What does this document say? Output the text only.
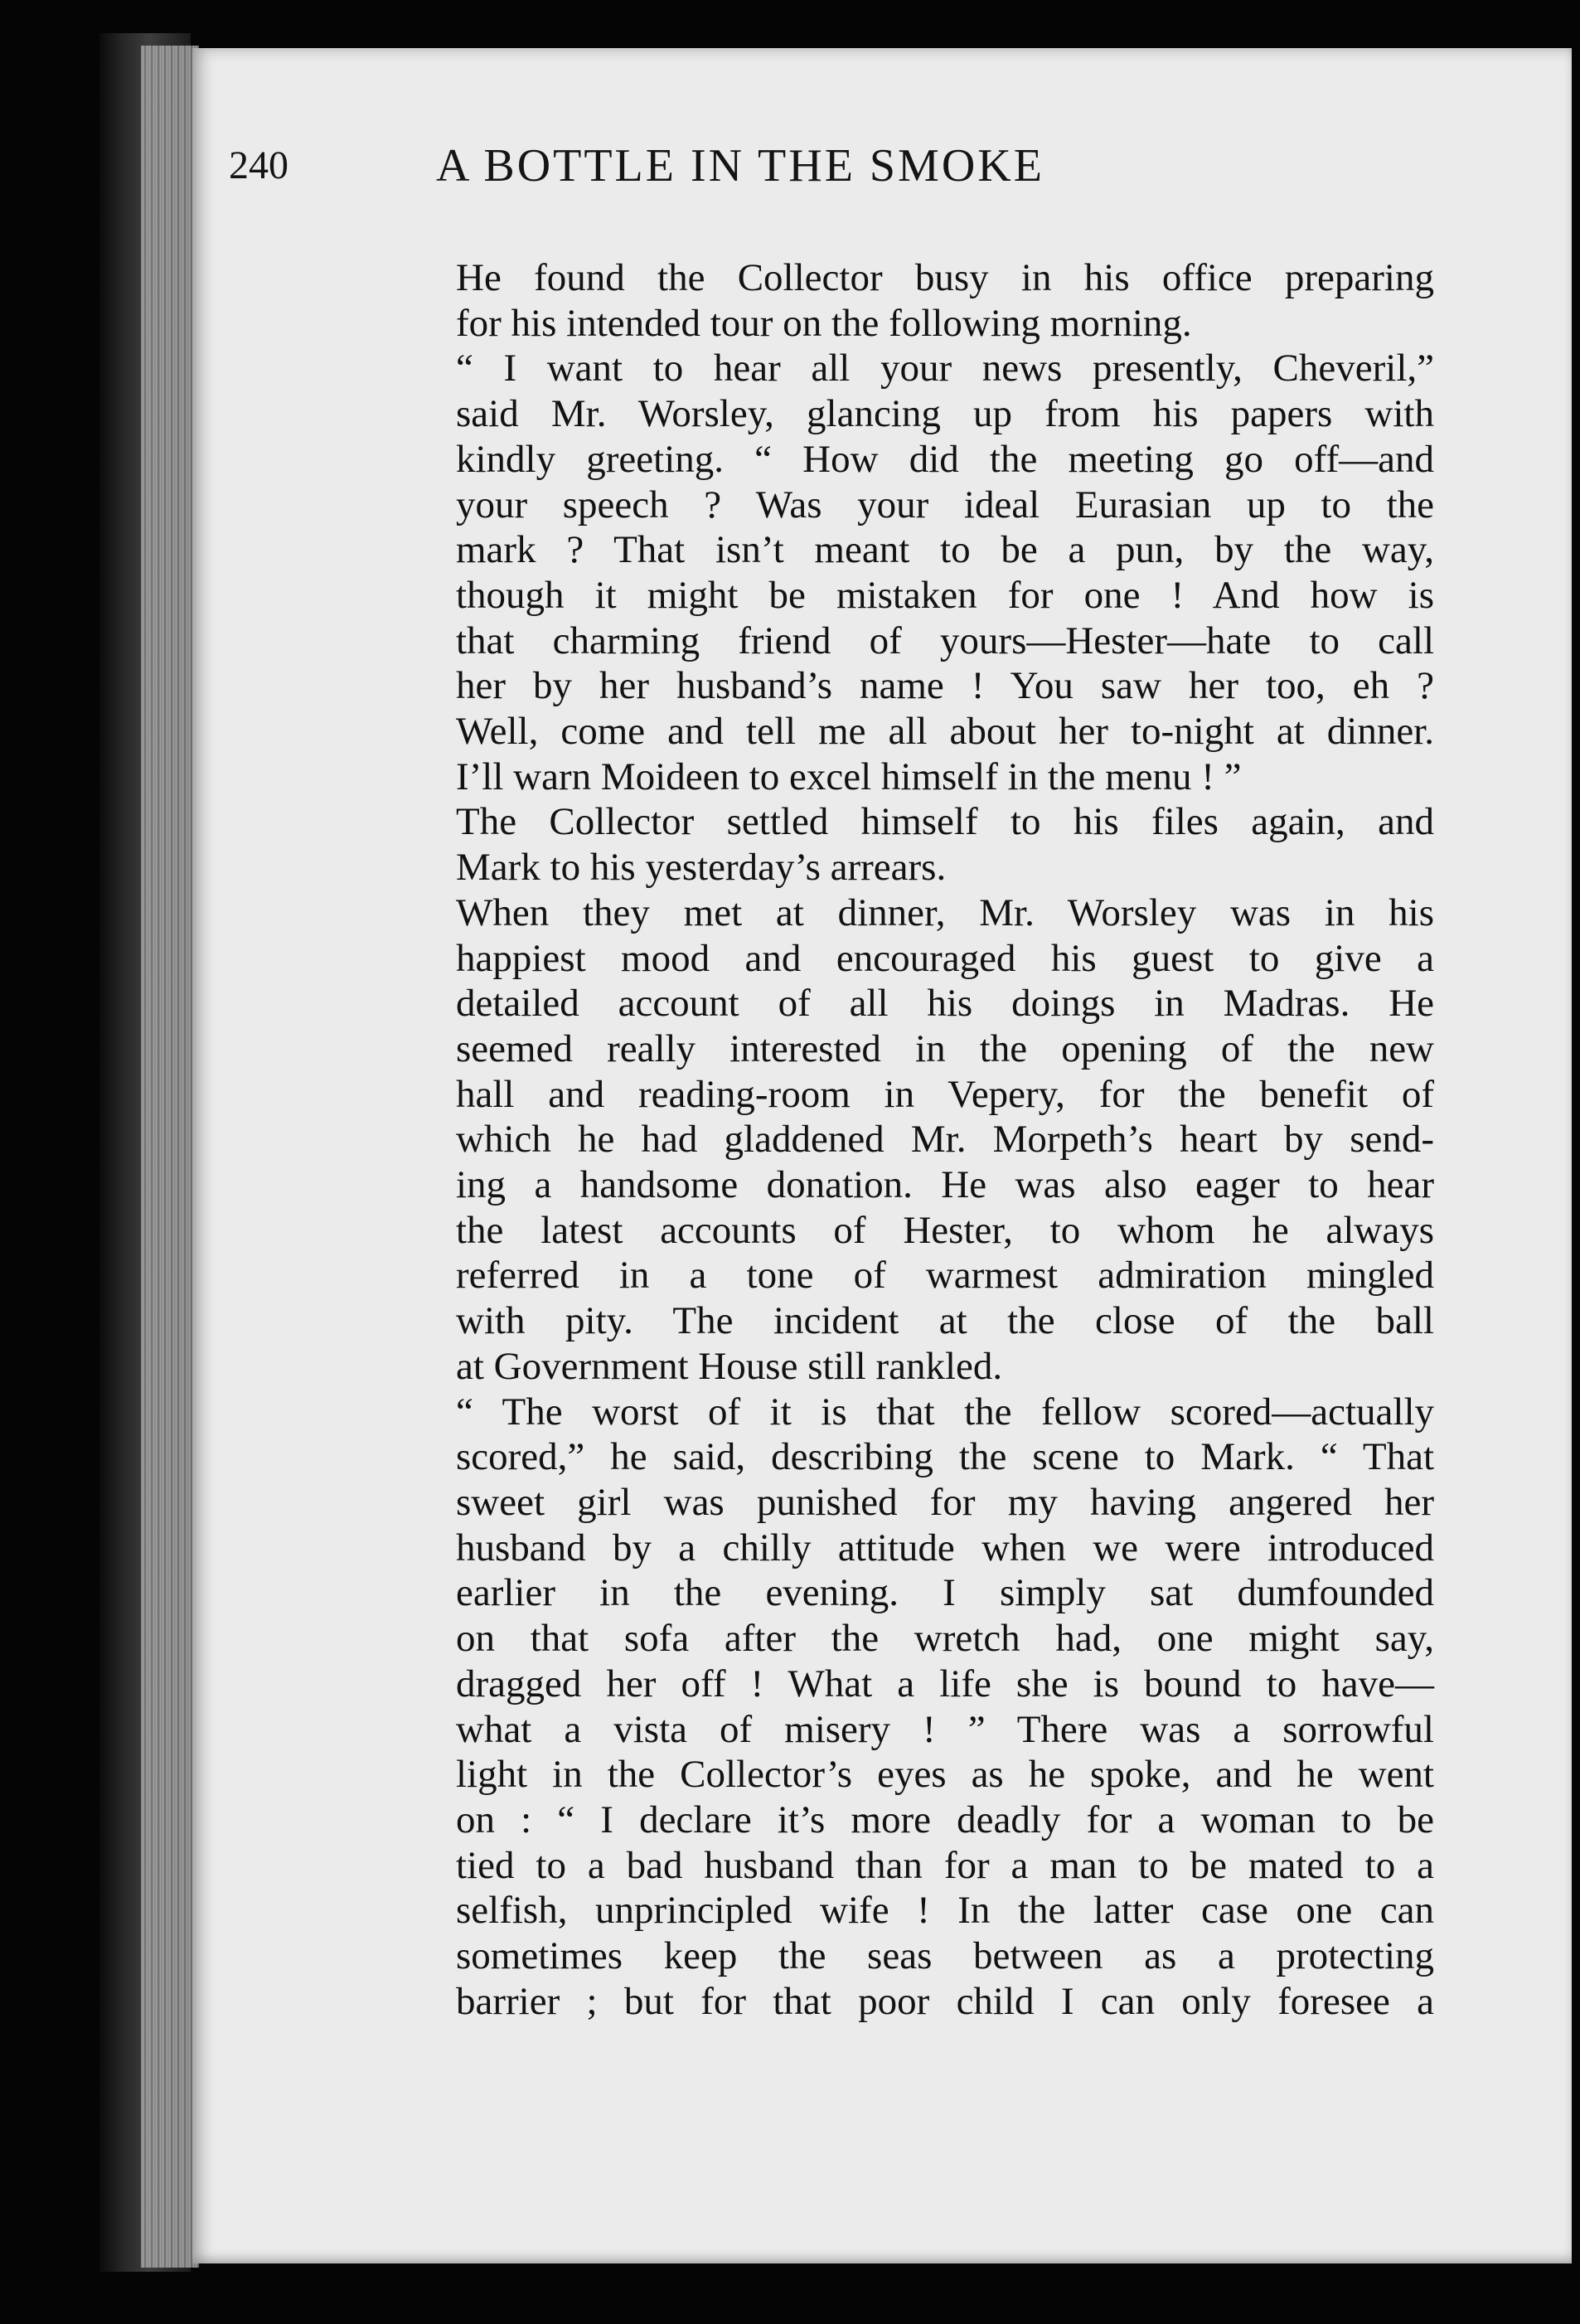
240	A BOTTLE IN THE SMOKE

He found the Collector busy in his office preparing
for his intended tour on the following morning.

“ I want to hear all your news presently, Cheveril,”
said Mr. Worsley, glancing up from his papers with
kindly greeting. “ How did the meeting go off—and
your speech ? Was your ideal Eurasian up to the
mark ? That isn’t meant to be a pun, by the way,
though it might be mistaken for one ! And how is
that charming friend of yours—Hester—hate to call
her by her husband’s name ! You saw her too, eh ?
Well, come and tell me all about her to-night at dinner.
I’ll warn Moideen to excel himself in the menu ! ”

The Collector settled himself to his files again, and
Mark to his yesterday’s arrears.

When they met at dinner, Mr. Worsley was in his
happiest mood and encouraged his guest to give a
detailed account of all his doings in Madras. He
seemed really interested in the opening of the new
hall and reading-room in Vepery, for the benefit of
which he had gladdened Mr. Morpeth’s heart by send-
ing a handsome donation. He was also eager to hear
the latest accounts of Hester, to whom he always
referred in a tone of warmest admiration mingled
with pity. The incident at the close of the ball
at Government House still rankled.

“ The worst of it is that the fellow scored—actually
scored,” he said, describing the scene to Mark. “ That
sweet girl was punished for my having angered her
husband by a chilly attitude when we were introduced
earlier in the evening. I simply sat dumfounded
on that sofa after the wretch had, one might say,
dragged her off ! What a life she is bound to have—
what a vista of misery ! ” There was a sorrowful
light in the Collector’s eyes as he spoke, and he went
on : “ I declare it’s more deadly for a woman to be
tied to a bad husband than for a man to be mated to a
selfish, unprincipled wife ! In the latter case one can
sometimes keep the seas between as a protecting
barrier ; but for that poor child I can only foresee a
